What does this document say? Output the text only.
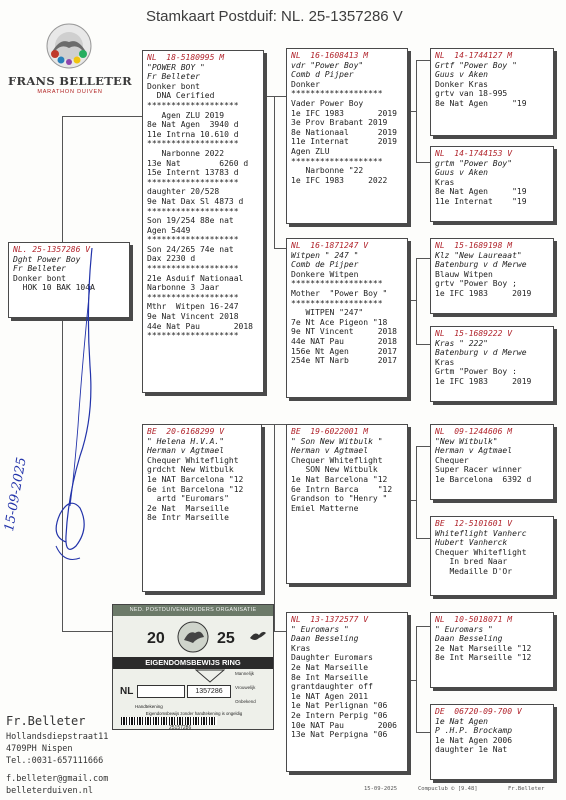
Stamkaart Postduif: NL. 25-1357286 V
FRANS BELLETER
MARATHON DUIVEN
NL. 25-1357286 V
Dght Power Boy
Fr Belleter
Donker bont
HOK 10 BAK 104A
NL  18-5180995 M
"POWER BOY "
Fr Belleter
Donker bont
DNA Cerified
*******************
Agen ZLU 2019
8e Nat Agen  3940 d
11e Intrna 10.610 d
*******************
Narbonne 2022
13e Nat        6260 d
15e Internt 13783 d
*******************
daughter 20/528
9e Nat Dax Sl 4873 d
*******************
Son 19/254 88e nat
Agen 5449
*******************
Son 24/265 74e nat
Dax 2230 d
*******************
21e Asduif Nationaal
Narbonne 3 Jaar
*******************
Mthr  Witpen 16-247
9e Nat Vincent 2018
44e Nat Pau       2018
*******************
BE  20-6168299 V
" Helena H.V.A."
Herman v Agtmael
Chequer Whiteflight
grdcht New Witbulk
1e NAT Barcelona "12
6e int Barcelona "12
artd "Euromars"
2e Nat  Marseille
8e Intr Marseille
NL  16-1608413 M
vdr "Power Boy"
Comb d Pijper
Donker
*******************
Vader Power Boy
1e IFC 1983       2019
3e Prov Brabant 2019
8e Nationaal      2019
11e Internat      2019
Agen ZLU
*******************
Narbonne "22
1e IFC 1983     2022
NL  16-1871247 V
Witpen " 247 "
Comb de Pijper
Donkere Witpen
*******************
Mother  "Power Boy "
*******************
WITPEN "247"
7e Nt Ace Pigeon "18
9e NT Vincent     2018
44e NAT Pau       2018
156e Nt Agen      2017
254e NT Narb      2017
BE  19-6022001 M
" Son New Witbulk "
Herman v Agtmael
Chequer Whiteflight
SON New Witbulk
1e Nat Barcelona "12
6e Intrn Barca    "12
Grandson to "Henry "
Emiel Matterne
NL  13-1372577 V
" Euromars "
Daan Besseling
Kras
Daughter Euromars
2e Nat Marseille
8e Int Marseille
grantdaughter off
1e NAT Agen 2011
1e Nat Perlignan "06
2e Intern Perpig "06
10e NAT Pau       2006
13e Nat Perpigna "06
NL  14-1744127 M
Grtf "Power Boy "
Guus v Aken
Donker Kras
grtv van 18-995
8e Nat Agen     "19
NL  14-1744153 V
grtm "Power Boy"
Guus v Aken
Kras
8e Nat Agen     "19
11e Internat    "19
NL  15-1689198 M
Klz "New Laureaat"
Batenburg v d Merwe
Blauw Witpen
grtv "Power Boy ;
1e IFC 1983     2019
NL  15-1689222 V
Kras " 222"
Batenburg v d Merwe
Kras
Grtm "Power Boy :
1e IFC 1983     2019
NL  09-1244606 M
"New Witbulk"
Herman v Agtmael
Chequer
Super Racer winner
1e Barcelona  6392 d
BE  12-5101601 V
Whiteflight Vanherc
Hubert Vanherck
Chequer Whiteflight
In bred Naar
Medaille D'Or
NL  10-5018071 M
" Euromars "
Daan Besseling
2e Nat Marseille "12
8e Int Marseille "12
DE  06720-09-700 V
1e Nat Agen
P .H.P. Brockamp
1e Nat Agen 2006
daughter 1e Nat
15-09-2025
NED. POSTDUIVENHOUDERS ORGANISATIE
20	25
EIGENDOMSBEWIJS RING
NL	1357286
Mannelijk
Vrouwelijk
Onbekend
Handtekening
Eigendomsbewijs zonder handtekening is ongeldig
25157286
Fr.Belleter
Hollandsdiepstraat11
4709PH Nispen
Tel.:0031-657111666
f.belleter@gmail.com
belleterduiven.nl	15-09-2025	Compuclub © [9.48]	Fr.Belleter
